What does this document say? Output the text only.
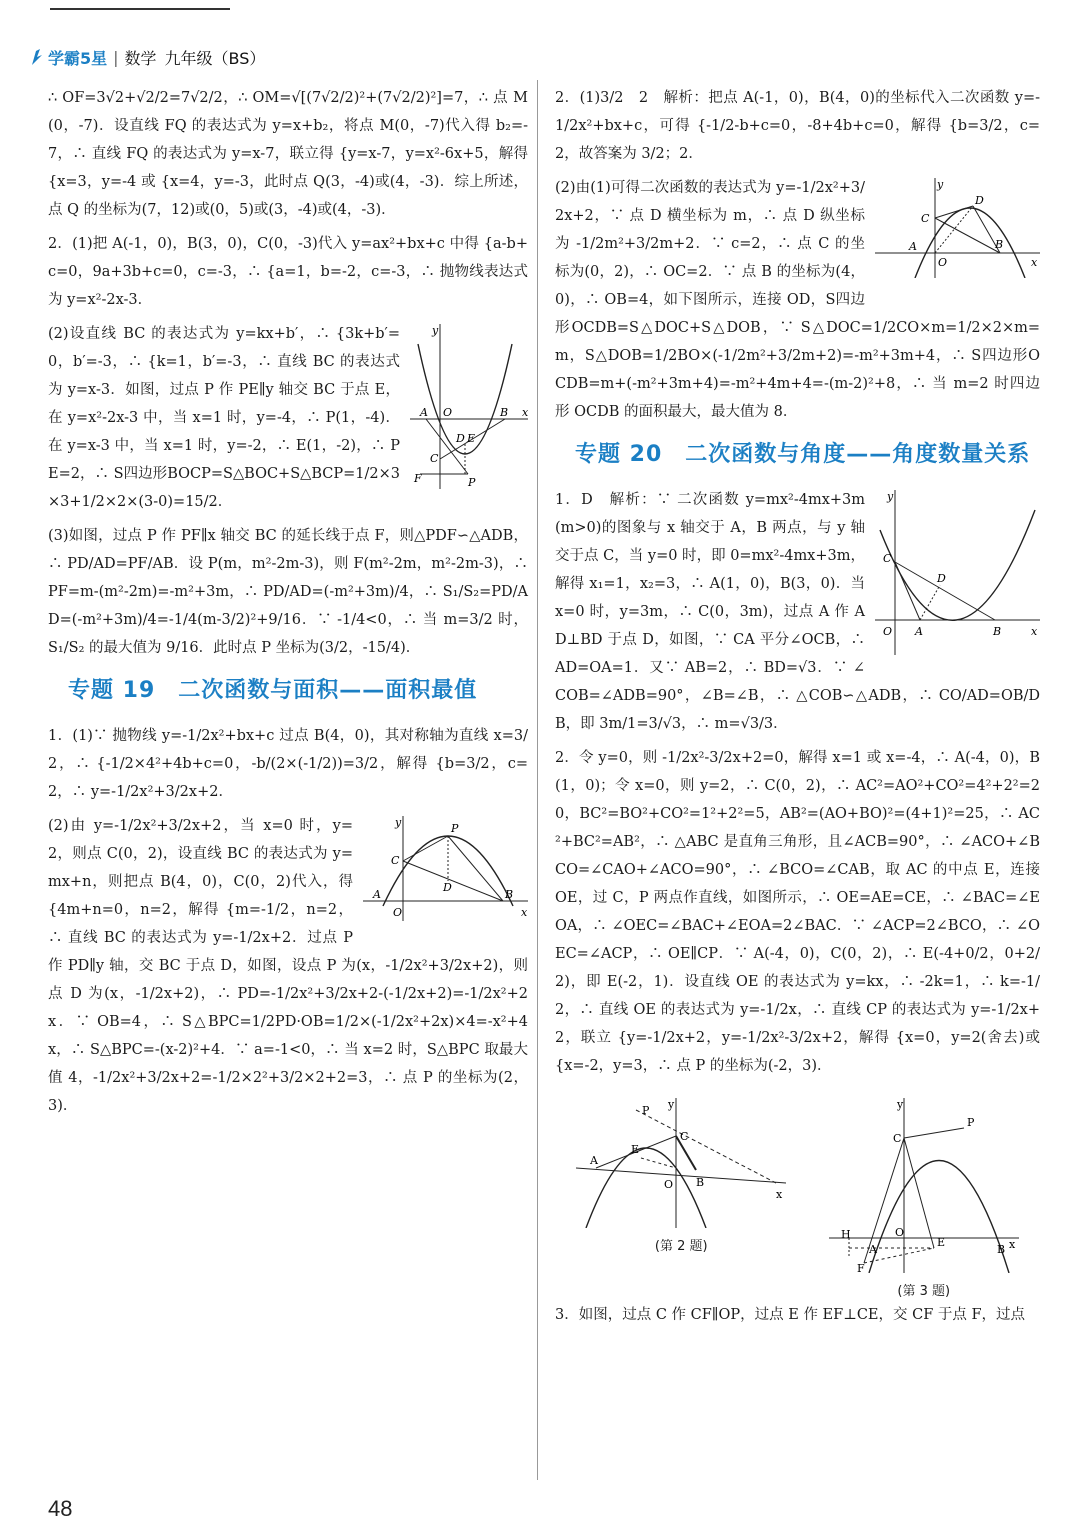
学霸5星 | 数学 九年级（BS）

∴ OF=3√2+√2/2=7√2/2，∴ OM=√[(7√2/2)²+(7√2/2)²]=7，∴ 点 M(0，-7)．设直线 FQ 的表达式为 y=x+b₂，将点 M(0，-7)代入得 b₂=-7，∴ 直线 FQ 的表达式为 y=x-7，联立得 {y=x-7，y=x²-6x+5，解得 {x=3，y=-4 或 {x=4，y=-3，此时点 Q(3，-4)或(4，-3)．综上所述，点 Q 的坐标为(7，12)或(0，5)或(3，-4)或(4，-3)．

2．(1)把 A(-1，0)，B(3，0)，C(0，-3)代入 y=ax²+bx+c 中得 {a-b+c=0，9a+3b+c=0，c=-3，∴ {a=1，b=-2，c=-3，∴ 抛物线表达式为 y=x²-2x-3．

x
y
A O	B
C
D E
F	P

(2)设直线 BC 的表达式为 y=kx+b′，∴ {3k+b′=0，b′=-3，∴ {k=1，b′=-3，∴ 直线 BC 的表达式为 y=x-3．如图，过点 P 作 PE∥y 轴交 BC 于点 E，在 y=x²-2x-3 中，当 x=1 时，y=-4，∴ P(1，-4)．在 y=x-3 中，当 x=1 时，y=-2，∴ E(1，-2)，∴ PE=2，∴ S四边形BOCP=S△BOC+S△BCP=1/2×3×3+1/2×2×(3-0)=15/2．

(3)如图，过点 P 作 PF∥x 轴交 BC 的延长线于点 F，则△PDF∽△ADB，∴ PD/AD=PF/AB．设 P(m，m²-2m-3)，则 F(m²-2m，m²-2m-3)，∴ PF=m-(m²-2m)=-m²+3m，∴ PD/AD=(-m²+3m)/4，∴ S₁/S₂=PD/AD=(-m²+3m)/4=-1/4(m-3/2)²+9/16．∵ -1/4<0，∴ 当 m=3/2 时，S₁/S₂ 的最大值为 9/16．此时点 P 坐标为(3/2，-15/4)．

专题 19　二次函数与面积——面积最值

1．(1)∵ 抛物线 y=-1/2x²+bx+c 过点 B(4，0)，其对称轴为直线 x=3/2，∴ {-1/2×4²+4b+c=0，-b/(2×(-1/2))=3/2，解得 {b=3/2，c=2，∴ y=-1/2x²+3/2x+2．

x
y
A
O
B
C
D
P

(2)由 y=-1/2x²+3/2x+2，当 x=0 时，y=2，则点 C(0，2)，设直线 BC 的表达式为 y=mx+n，则把点 B(4，0)，C(0，2)代入，得 {4m+n=0，n=2，解得 {m=-1/2，n=2，∴ 直线 BC 的表达式为 y=-1/2x+2．过点 P 作 PD∥y 轴，交 BC 于点 D，如图，设点 P 为(x，-1/2x²+3/2x+2)，则点 D 为(x，-1/2x+2)，∴ PD=-1/2x²+3/2x+2-(-1/2x+2)=-1/2x²+2x．∵ OB=4，∴ S△BPC=1/2PD·OB=1/2×(-1/2x²+2x)×4=-x²+4x，∴ S△BPC=-(x-2)²+4．∵ a=-1<0，∴ 当 x=2 时，S△BPC 取最大值 4，-1/2x²+3/2x+2=-1/2×2²+3/2×2+2=3，∴ 点 P 的坐标为(2，3)．

2．(1)3/2　2　解析：把点 A(-1，0)，B(4，0)的坐标代入二次函数 y=-1/2x²+bx+c，可得 {-1/2-b+c=0，-8+4b+c=0，解得 {b=3/2，c=2，故答案为 3/2；2．

x
y
A
O
B
C
D

(2)由(1)可得二次函数的表达式为 y=-1/2x²+3/2x+2，∵ 点 D 横坐标为 m，∴ 点 D 纵坐标为 -1/2m²+3/2m+2．∵ c=2，∴ 点 C 的坐标为(0，2)，∴ OC=2．∵ 点 B 的坐标为(4，0)，∴ OB=4，如下图所示，连接 OD，S四边形OCDB=S△DOC+S△DOB，∵ S△DOC=1/2CO×m=1/2×2×m=m，S△DOB=1/2BO×(-1/2m²+3/2m+2)=-m²+3m+4，∴ S四边形OCDB=m+(-m²+3m+4)=-m²+4m+4=-(m-2)²+8，∴ 当 m=2 时四边形 OCDB 的面积最大，最大值为 8．

专题 20　二次函数与角度——角度数量关系
x
y
O A	B
C
D

1．D　解析：∵ 二次函数 y=mx²-4mx+3m(m>0)的图象与 x 轴交于 A，B 两点，与 y 轴交于点 C，当 y=0 时，即 0=mx²-4mx+3m，解得 x₁=1，x₂=3，∴ A(1，0)，B(3，0)．当 x=0 时，y=3m，∴ C(0，3m)，过点 A 作 AD⊥BD 于点 D，如图，∵ CA 平分∠OCB，∴ AD=OA=1．又∵ AB=2，∴ BD=√3．∵ ∠COB=∠ADB=90°，∠B=∠B，∴ △COB∽△ADB，∴ CO/AD=OB/DB，即 3m/1=3/√3，∴ m=√3/3．

2．令 y=0，则 -1/2x²-3/2x+2=0，解得 x=1 或 x=-4，∴ A(-4，0)，B(1，0)；令 x=0，则 y=2，∴ C(0，2)，∴ AC²=AO²+CO²=4²+2²=20，BC²=BO²+CO²=1²+2²=5，AB²=(AO+BO)²=(4+1)²=25，∴ AC²+BC²=AB²，∴ △ABC 是直角三角形，且∠ACB=90°，∴ ∠ACO+∠BCO=∠CAO+∠ACO=90°，∴ ∠BCO=∠CAB，取 AC 的中点 E，连接 OE，过 C，P 两点作直线，如图所示，∴ OE=AE=CE，∴ ∠BAC=∠EOA，∴ ∠OEC=∠BAC+∠EOA=2∠BAC．∵ ∠ACP=2∠BCO，∴ ∠OEC=∠ACP，∴ OE∥CP．∵ A(-4，0)，C(0，2)，∴ E(-4+0/2，0+2/2)，即 E(-2，1)．设直线 OE 的表达式为 y=kx，∴ -2k=1，∴ k=-1/2，∴ 直线 OE 的表达式为 y=-1/2x，∴ 直线 CP 的表达式为 y=-1/2x+2，联立 {y=-1/2x+2，y=-1/2x²-3/2x+2，解得 {x=0，y=2(舍去)或 {x=-2，y=3，∴ 点 P 的坐标为(-2，3)．

x
y
A
B
C
E
P
O
(第 2 题)	x
y
H
A
O
E
C
P
F
B
(第 3 题)

3．如图，过点 C 作 CF∥OP，过点 E 作 EF⊥CE，交 CF 于点 F，过点

48
